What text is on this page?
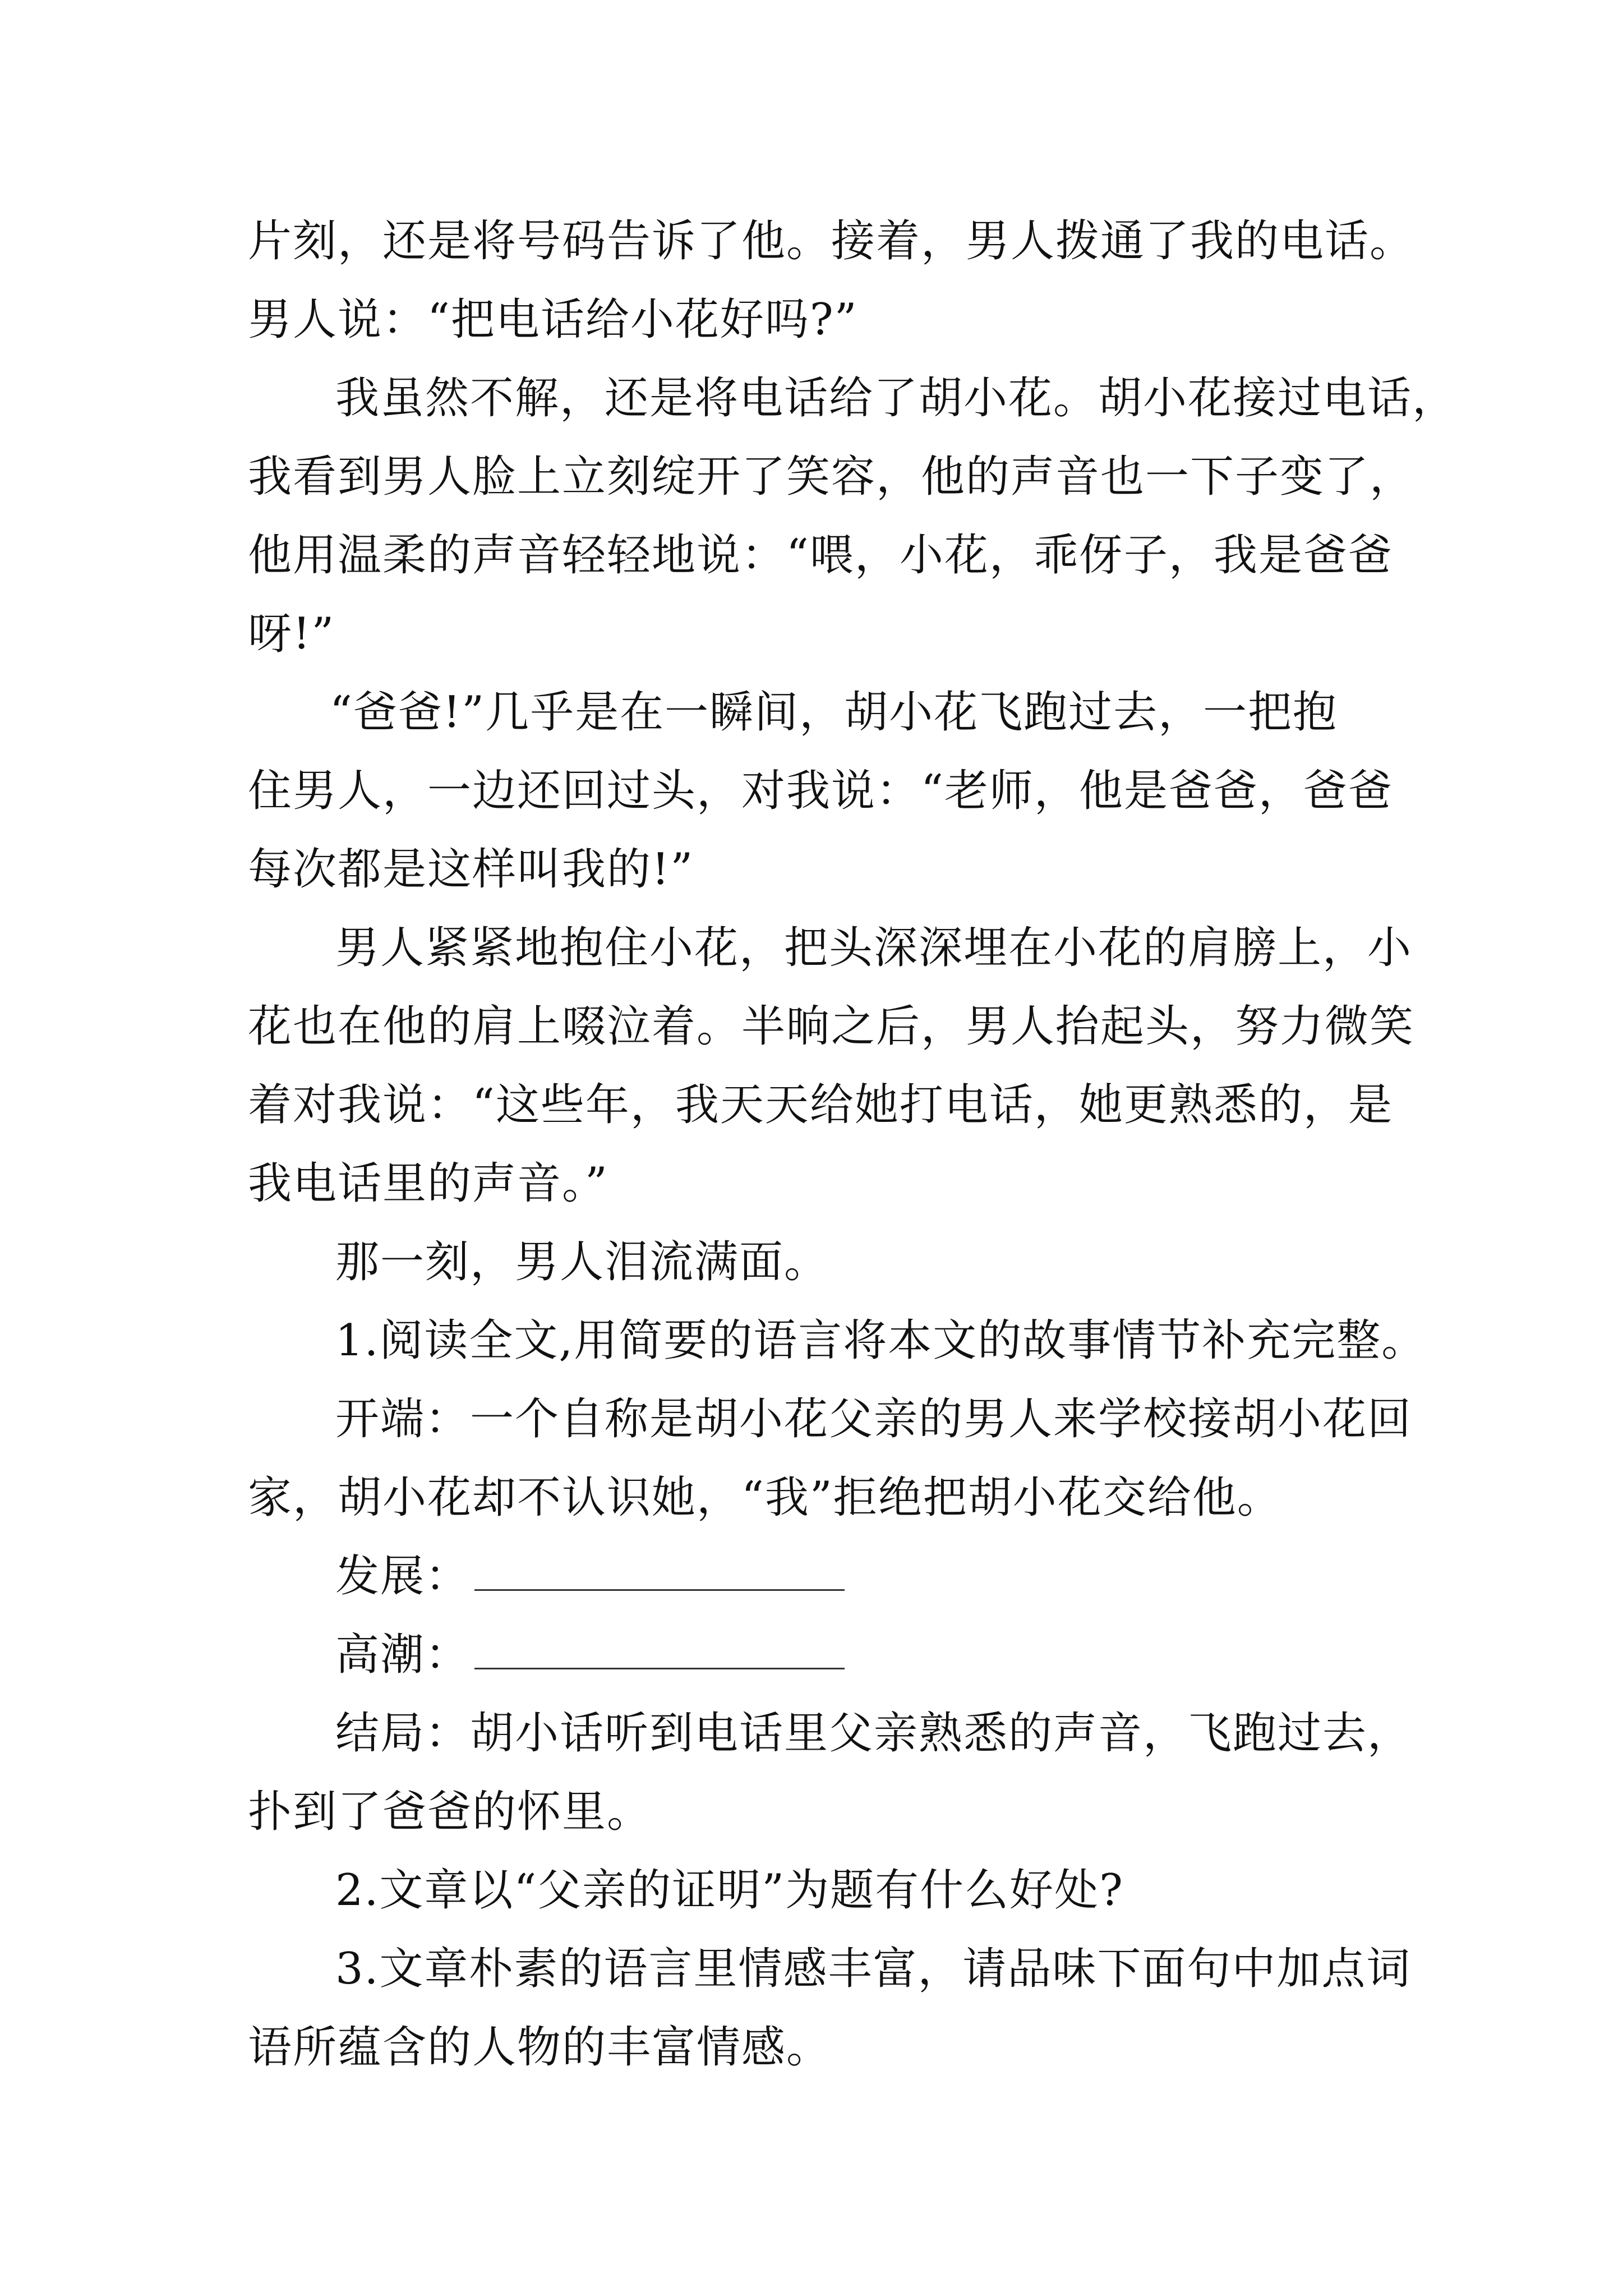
片刻，还是将号码告诉了他。接着，男人拨通了我的电话。
男人说：“把电话给小花好吗?”
我虽然不解，还是将电话给了胡小花。胡小花接过电话，
我看到男人脸上立刻绽开了笑容，他的声音也一下子变了，
他用温柔的声音轻轻地说：“喂，小花，乖伢子，我是爸爸
呀!”
“爸爸!”几乎是在一瞬间，胡小花飞跑过去，一把抱
住男人，一边还回过头，对我说：“老师，他是爸爸，爸爸
每次都是这样叫我的!”
男人紧紧地抱住小花，把头深深埋在小花的肩膀上，小
花也在他的肩上啜泣着。半晌之后，男人抬起头，努力微笑
着对我说：“这些年，我天天给她打电话，她更熟悉的，是
我电话里的声音。”
那一刻，男人泪流满面。
1.阅读全文,用简要的语言将本文的故事情节补充完整。
开端：一个自称是胡小花父亲的男人来学校接胡小花回
家，胡小花却不认识她，“我”拒绝把胡小花交给他。
发展：
高潮：
结局：胡小话听到电话里父亲熟悉的声音，飞跑过去，
扑到了爸爸的怀里。
2.文章以“父亲的证明”为题有什么好处?
3.文章朴素的语言里情感丰富，请品味下面句中加点词
语所蕴含的人物的丰富情感。
